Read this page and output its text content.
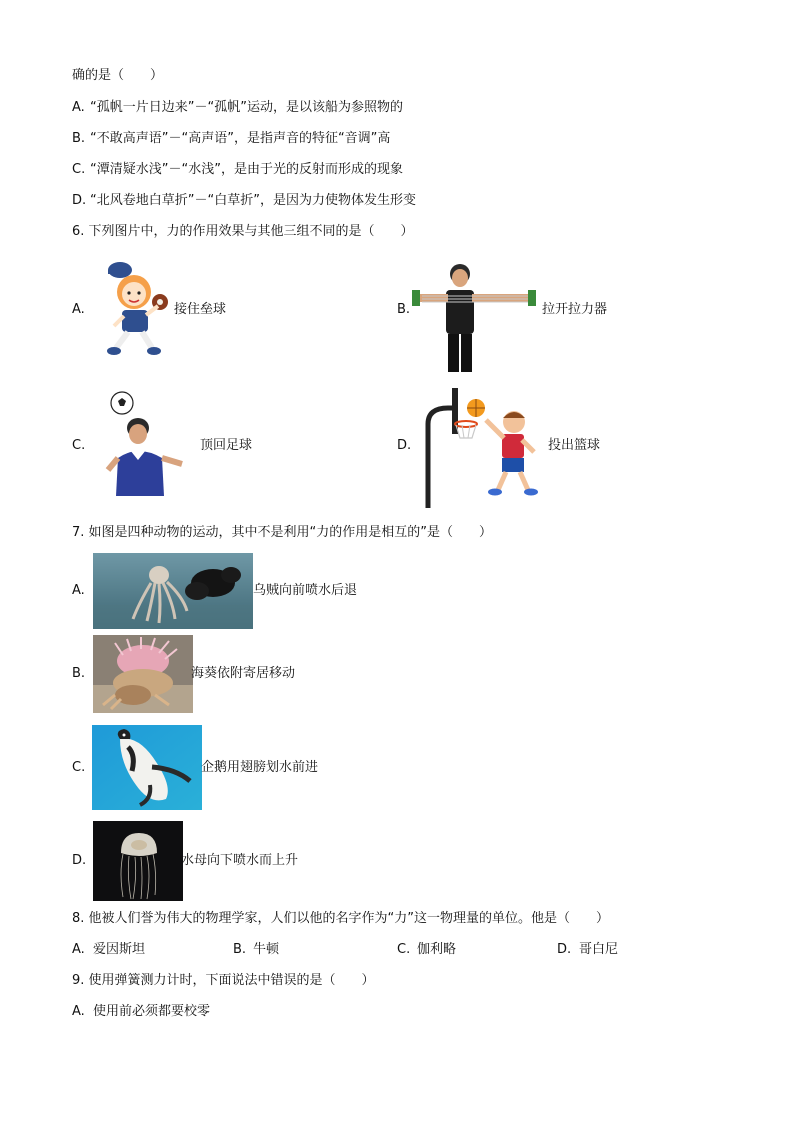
确的是（　　）
A. “孤帆一片日边来”－“孤帆”运动，是以该船为参照物的
B. “不敢高声语”－“高声语”，是指声音的特征“音调”高
C. “潭清疑水浅”－“水浅”，是由于光的反射而形成的现象
D. “北风卷地白草折”－“白草折”，是因为力使物体发生形变
6. 下列图片中，力的作用效果与其他三组不同的是（　　）
A.	接住垒球	B.	拉开拉力器
C.	顶回足球	D.	投出篮球
7. 如图是四种动物的运动，其中不是利用“力的作用是相互的”是（　　）
A.	乌贼向前喷水后退
B.	海葵依附寄居移动
C.	企鹅用翅膀划水前进
D.	水母向下喷水而上升
8. 他被人们誉为伟大的物理学家，人们以他的名字作为“力”这一物理量的单位。他是（　　）
A. 爱因斯坦	B. 牛顿	C. 伽利略	D. 哥白尼
9. 使用弹簧测力计时，下面说法中错误的是（　　）
A. 使用前必须都要校零
